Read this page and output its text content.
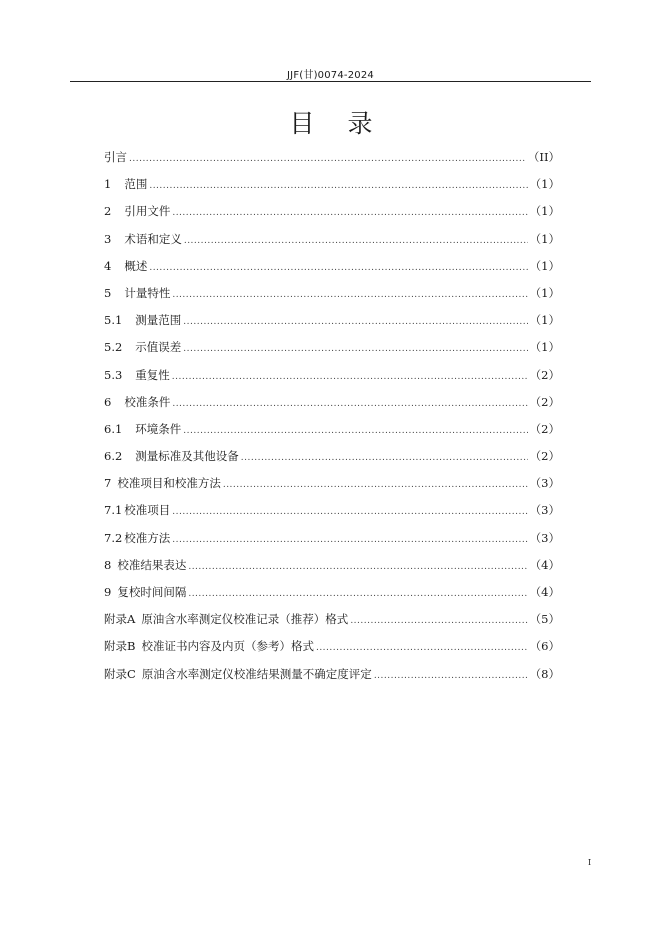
JJF(甘)0074-2024
目 录
引言 .....	（II）
1 范围 .....	（1）
2 引用文件 .....	（1）
3 术语和定义 .....	（1）
4 概述 .....	（1）
5 计量特性 .....	（1）
5.1 测量范围 .....	（1）
5.2 示值误差 .....	（1）
5.3 重复性 .....	（2）
6 校准条件 .....	（2）
6.1 环境条件 .....	（2）
6.2 测量标准及其他设备 .....	（2）
7 校准项目和校准方法 .....	（3）
7.1 校准项目 .....	（3）
7.2 校准方法 .....	（3）
8 校准结果表达 .....	（4）
9 复校时间间隔 .....	（4）
附录A 原油含水率测定仪校准记录（推荐）格式 .....	（5）
附录B 校准证书内容及内页（参考）格式 .....	（6）
附录C 原油含水率测定仪校准结果测量不确定度评定 .....	（8）
I
